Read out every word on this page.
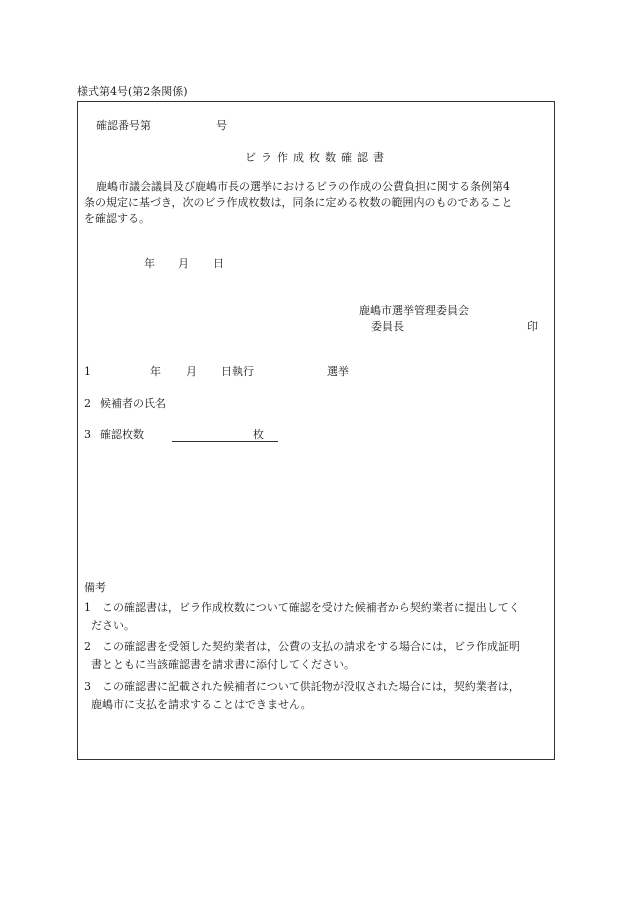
様式第4号(第2条関係)
確認番号第	号
ビラ作成枚数確認書
鹿嶋市議会議員及び鹿嶋市長の選挙におけるビラの作成の公費負担に関する条例第4
条の規定に基づき，次のビラ作成枚数は，同条に定める枚数の範囲内のものであること
を確認する。
年 月 日
鹿嶋市選挙管理委員会
委員長	印
1	年 月 日執行	選挙
2 候補者の氏名
3 確認枚数	枚
備考
1　この確認書は，ビラ作成枚数について確認を受けた候補者から契約業者に提出してく
ださい。
2　この確認書を受領した契約業者は，公費の支払の請求をする場合には，ビラ作成証明
書とともに当該確認書を請求書に添付してください。
3　この確認書に記載された候補者について供託物が没収された場合には，契約業者は，
鹿嶋市に支払を請求することはできません。
